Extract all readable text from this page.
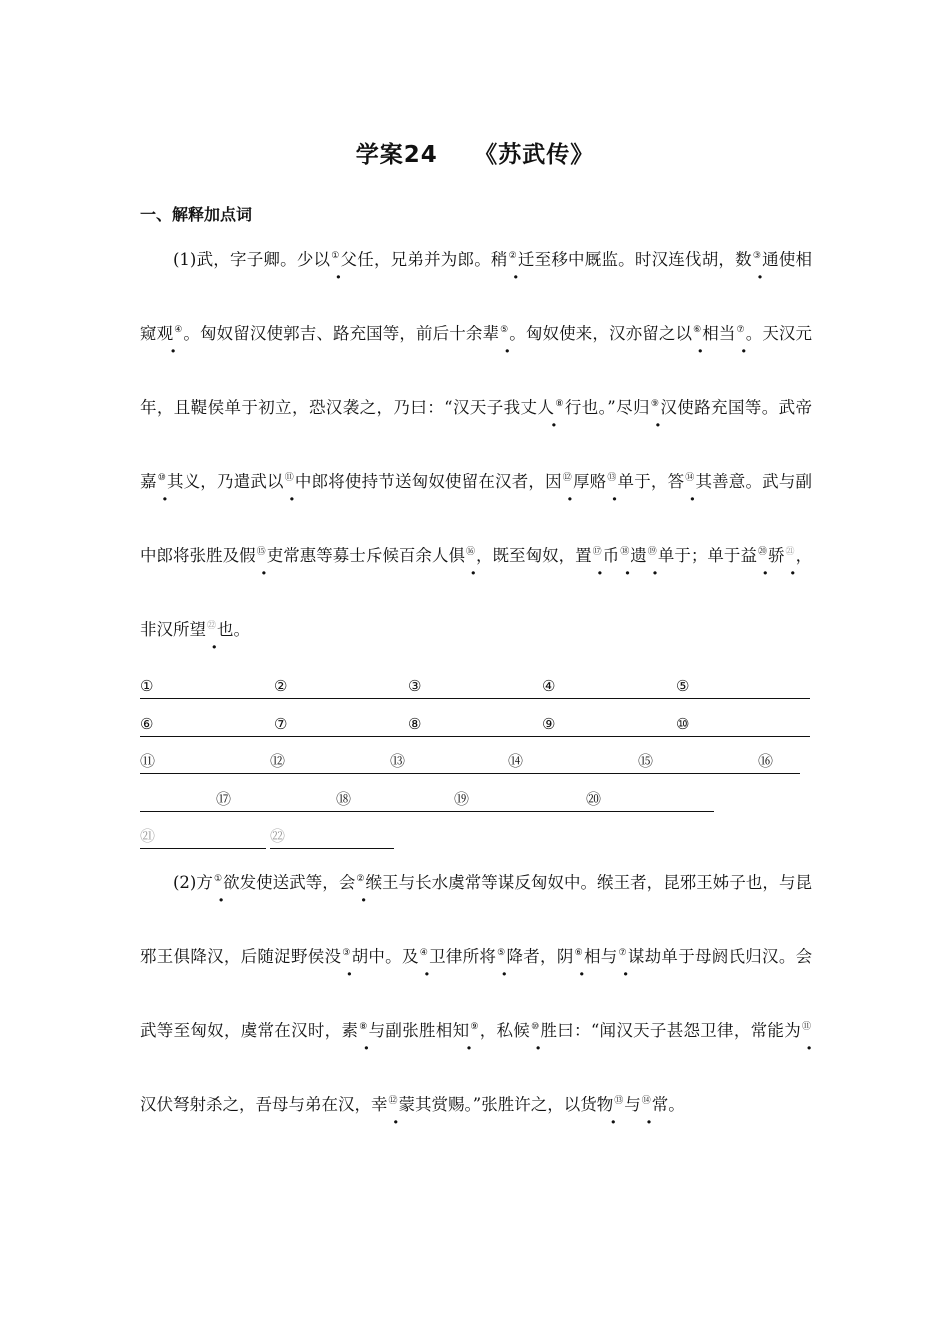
学案24　　《苏武传》
一、解释加点词

(1)武，字子卿。少以①父任，兄弟并为郎。稍②迁至移中厩监。时汉连伐胡，数③通使相窥观④。匈奴留汉使郭吉、路充国等，前后十余辈⑤。匈奴使来，汉亦留之以⑥相当⑦。天汉元年，且鞮侯单于初立，恐汉袭之，乃曰：“汉天子我丈人⑧行也。”尽归⑨汉使路充国等。武帝嘉⑩其义，乃遣武以⑪中郎将使持节送匈奴使留在汉者，因⑫厚赂⑬单于，答⑭其善意。武与副中郎将张胜及假⑮吏常惠等募士斥候百余人俱⑯，既至匈奴，置⑰币⑱遗⑲单于；单于益⑳骄$^㉑$，非汉所望$^㉒$也。

①	②	③	④	⑤
⑥	⑦	⑧	⑨	⑩
⑪	⑫	⑬	⑭	⑮	⑯
⑰	⑱	⑲	⑳
㉑	㉒

(2)方①欲发使送武等，会②缑王与长水虞常等谋反匈奴中。缑王者，昆邪王姊子也，与昆邪王俱降汉，后随浞野侯没③胡中。及④卫律所将⑤降者，阴⑥相与⑦谋劫单于母阏氏归汉。会武等至匈奴，虞常在汉时，素⑧与副张胜相知⑨，私候⑩胜曰：“闻汉天子甚怨卫律，常能为⑪汉伏弩射杀之，吾母与弟在汉，幸⑫蒙其赏赐。”张胜许之，以货物⑬与⑭常。
